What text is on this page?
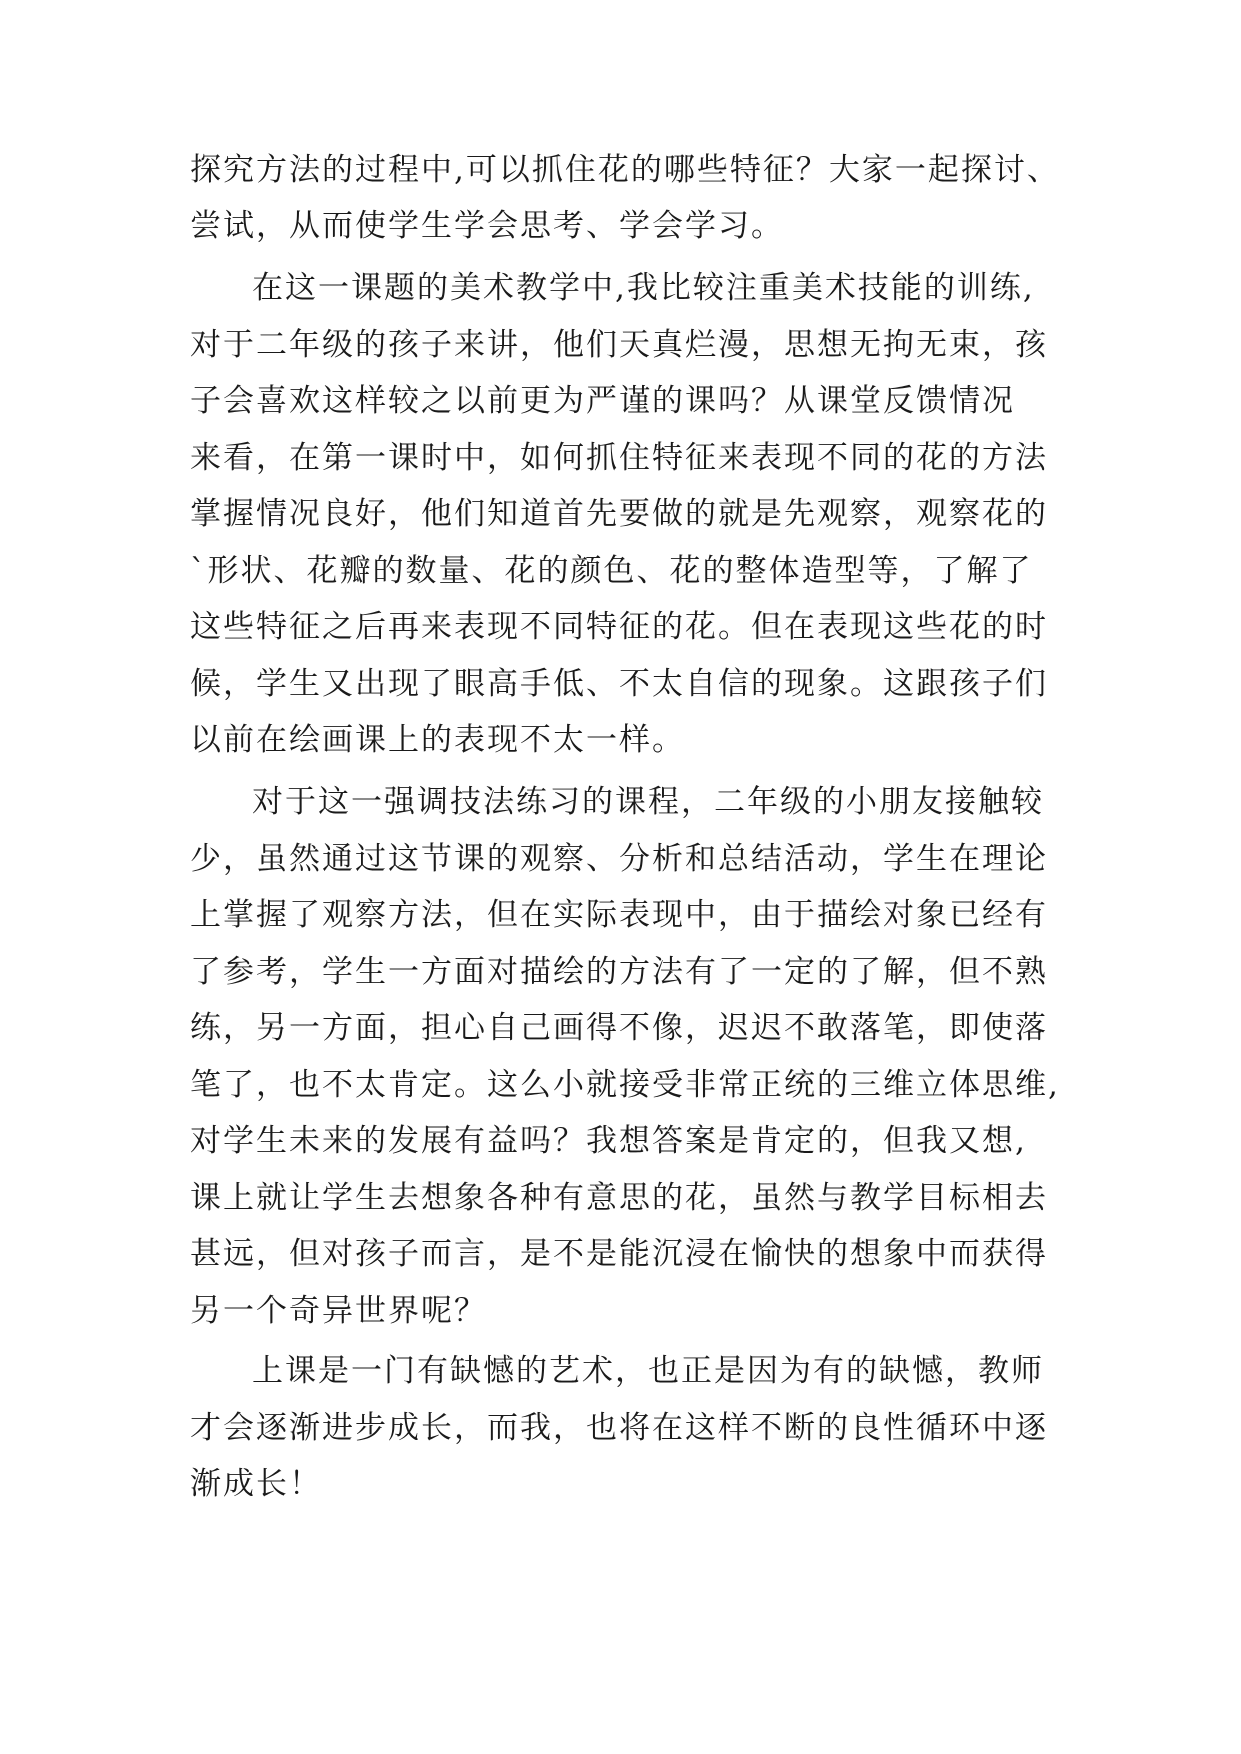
探究方法的过程中,可以抓住花的哪些特征？大家一起探讨、
尝试，从而使学生学会思考、学会学习。
在这一课题的美术教学中,我比较注重美术技能的训练,
对于二年级的孩子来讲，他们天真烂漫，思想无拘无束，孩
子会喜欢这样较之以前更为严谨的课吗？从课堂反馈情况
来看，在第一课时中，如何抓住特征来表现不同的花的方法
掌握情况良好，他们知道首先要做的就是先观察，观察花的
`形状、花瓣的数量、花的颜色、花的整体造型等，了解了
这些特征之后再来表现不同特征的花。但在表现这些花的时
候，学生又出现了眼高手低、不太自信的现象。这跟孩子们
以前在绘画课上的表现不太一样。
对于这一强调技法练习的课程，二年级的小朋友接触较
少，虽然通过这节课的观察、分析和总结活动，学生在理论
上掌握了观察方法，但在实际表现中，由于描绘对象已经有
了参考，学生一方面对描绘的方法有了一定的了解，但不熟
练，另一方面，担心自己画得不像，迟迟不敢落笔，即使落
笔了，也不太肯定。这么小就接受非常正统的三维立体思维,
对学生未来的发展有益吗？我想答案是肯定的，但我又想,
课上就让学生去想象各种有意思的花，虽然与教学目标相去
甚远，但对孩子而言，是不是能沉浸在愉快的想象中而获得
另一个奇异世界呢？
上课是一门有缺憾的艺术，也正是因为有的缺憾，教师
才会逐渐进步成长，而我，也将在这样不断的良性循环中逐
渐成长！
